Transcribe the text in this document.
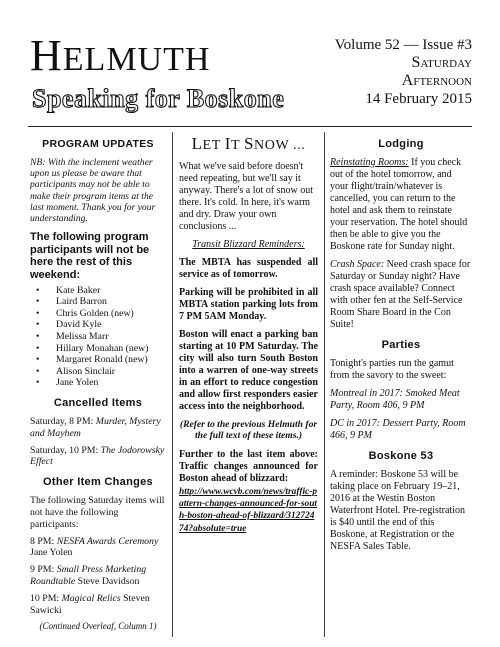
HELMUTH
Speaking for Boskone
Volume 52 — Issue #3
Saturday
Afternoon
14 February 2015
PROGRAM UPDATES

NB: With the inclement weather upon us please be aware that participants may not be able to make their program items at the last moment. Thank you for your understanding.

The following program participants will not be here the rest of this weekend:
• Kate Baker
• Laird Barron
• Chris Golden (new)
• David Kyle
• Melissa Marr
• Hillary Monahan (new)
• Margaret Ronald (new)
• Alison Sinclair
• Jane Yolen
Cancelled Items

Saturday, 8 PM: Murder, Mystery and Mayhem

Saturday, 10 PM: The Jodorowsky Effect

Other Item Changes

The following Saturday items will not have the following participants:

8 PM: NESFA Awards Ceremony Jane Yolen

9 PM: Small Press Marketing Roundtable Steve Davidson

10 PM: Magical Relics Steven Sawicki

(Continued Overleaf, Column 1)
LET IT SNOW ...

What we've said before doesn't need repeating, but we'll say it anyway. There's a lot of snow out there. It's cold. In here, it's warm and dry. Draw your own conclusions ...

Transit Blizzard Reminders:

The MBTA has suspended all service as of tomorrow.

Parking will be prohibited in all MBTA station parking lots from 7 PM 5AM Monday.

Boston will enact a parking ban starting at 10 PM Saturday. The city will also turn South Boston into a warren of one-way streets in an effort to reduce congestion and allow first responders easier access into the neighborhood.

(Refer to the previous Helmuth for the full text of these items.)

Further to the last item above: Traffic changes announced for Boston ahead of blizzard:

http://www.wcvb.com/news/traffic-pattern-changes-announced-for-south-boston-ahead-of-blizzard/31272474?absolute=true
Lodging

Reinstating Rooms: If you check out of the hotel tomorrow, and your flight/train/whatever is cancelled, you can return to the hotel and ask them to reinstate your reservation. The hotel should then be able to give you the Boskone rate for Sunday night.

Crash Space: Need crash space for Saturday or Sunday night? Have crash space available? Connect with other fen at the Self-Service Room Share Board in the Con Suite!

Parties

Tonight's parties run the gamut from the savory to the sweet:

Montreal in 2017: Smoked Meat Party, Room 406, 9 PM

DC in 2017: Dessert Party, Room 466, 9 PM

Boskone 53

A reminder: Boskone 53 will be taking place on February 19–21, 2016 at the Westin Boston Waterfront Hotel. Pre-registration is $40 until the end of this Boskone, at Registration or the NESFA Sales Table.
